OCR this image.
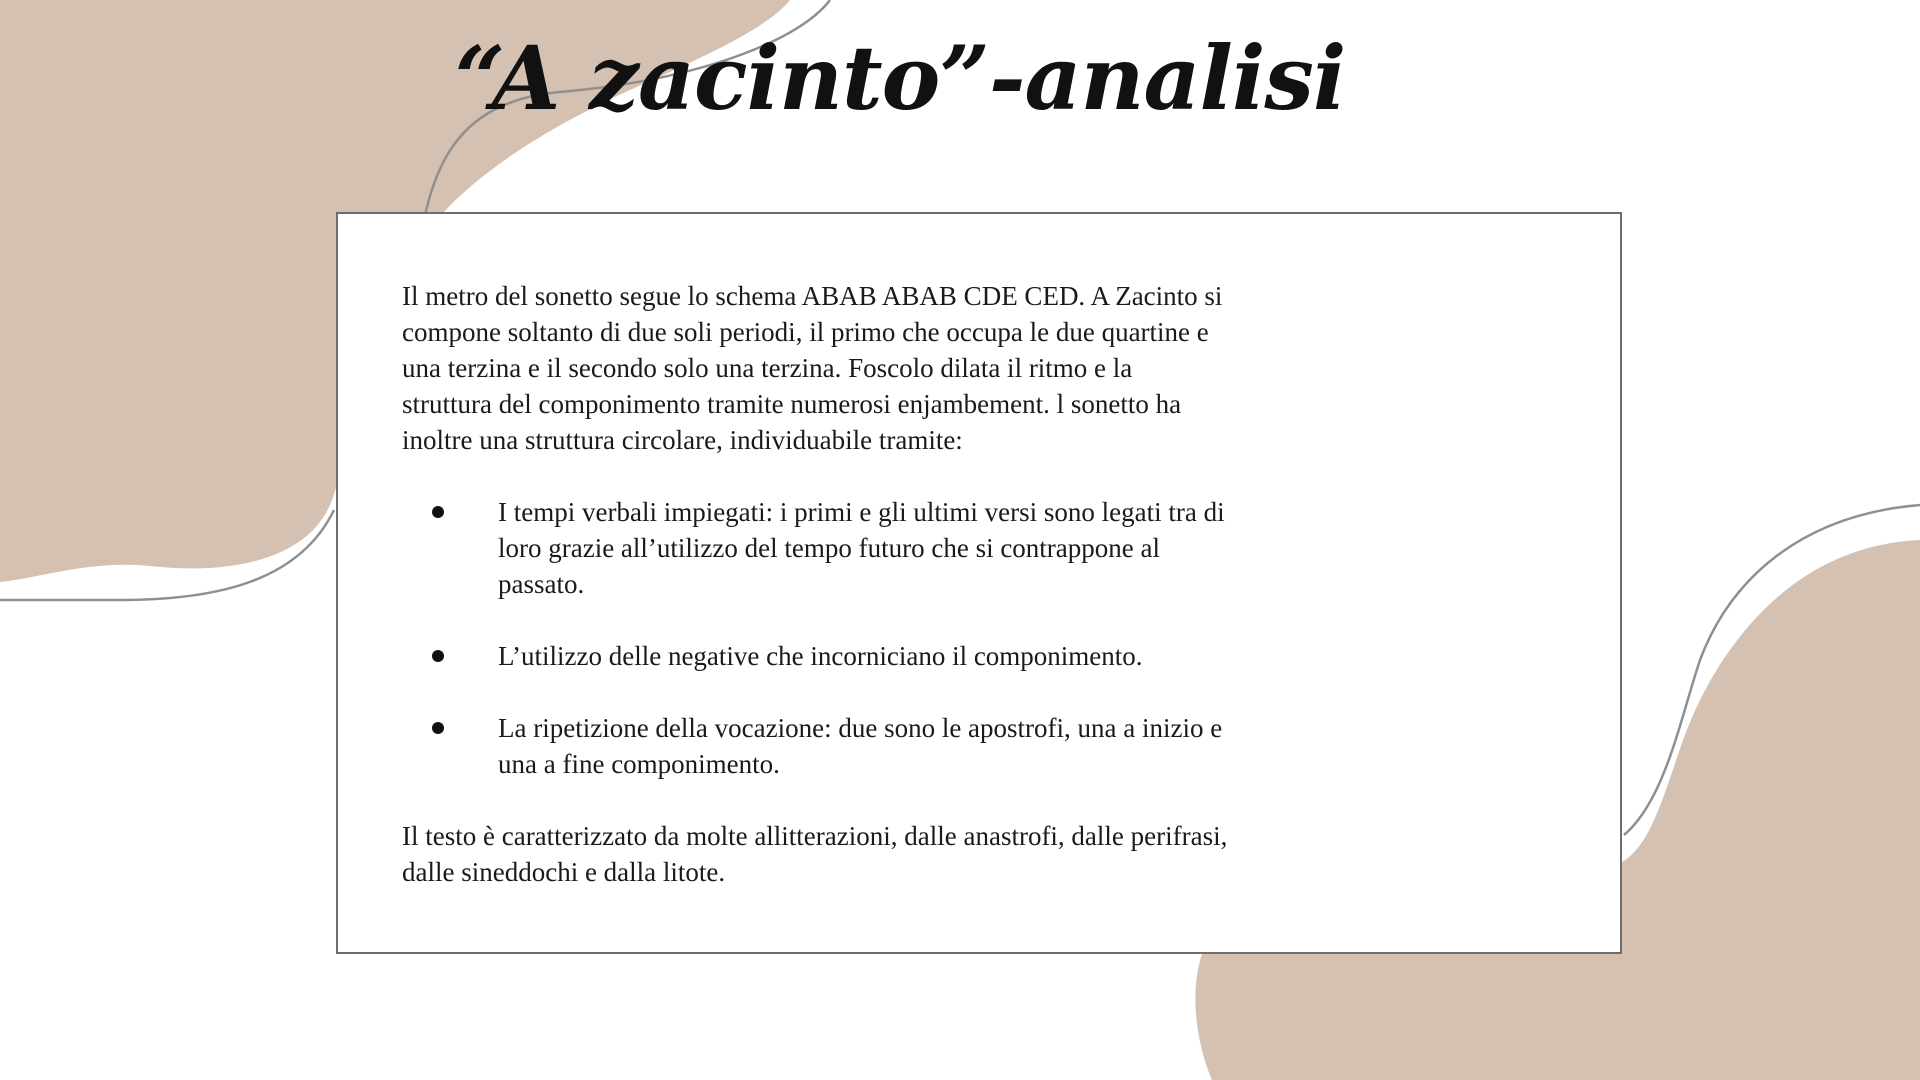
“A zacinto”-analisi

Il metro del sonetto segue lo schema ABAB ABAB CDE CED. A Zacinto si compone soltanto di due soli periodi, il primo che occupa le due quartine e una terzina e il secondo solo una terzina. Foscolo dilata il ritmo e la struttura del componimento tramite numerosi enjambement. l sonetto ha inoltre una struttura circolare, individuabile tramite:

I tempi verbali impiegati: i primi e gli ultimi versi sono legati tra di loro grazie all’utilizzo del tempo futuro che si contrappone al passato.
L’utilizzo delle negative che incorniciano il componimento.
La ripetizione della vocazione: due sono le apostrofi, una a inizio e una a fine componimento.

Il testo è caratterizzato da molte allitterazioni, dalle anastrofi, dalle perifrasi, dalle sineddochi e dalla litote.
